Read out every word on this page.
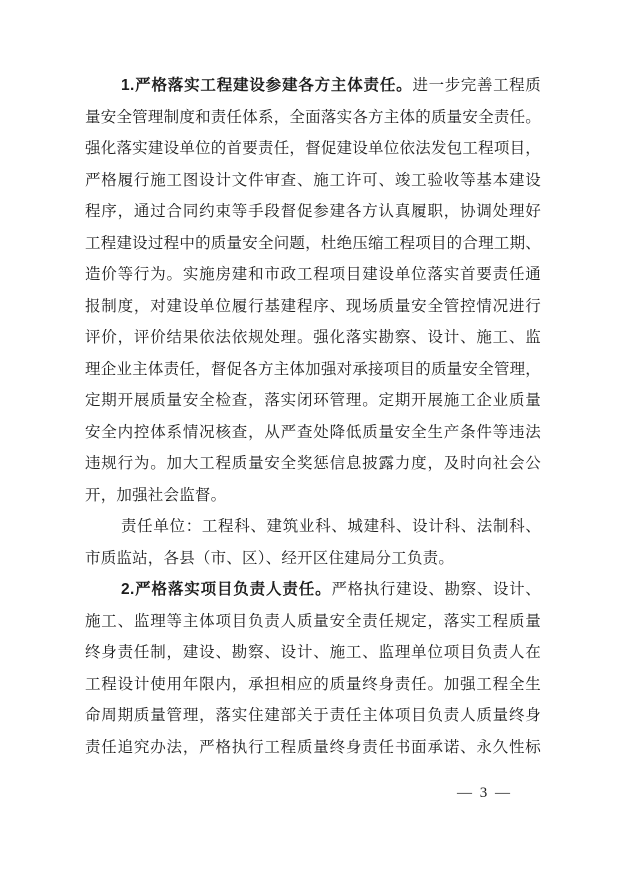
1.严格落实工程建设参建各方主体责任。进一步完善工程质
量安全管理制度和责任体系，全面落实各方主体的质量安全责任。
强化落实建设单位的首要责任，督促建设单位依法发包工程项目，
严格履行施工图设计文件审查、施工许可、竣工验收等基本建设
程序，通过合同约束等手段督促参建各方认真履职，协调处理好
工程建设过程中的质量安全问题，杜绝压缩工程项目的合理工期、
造价等行为。实施房建和市政工程项目建设单位落实首要责任通
报制度，对建设单位履行基建程序、现场质量安全管控情况进行
评价，评价结果依法依规处理。强化落实勘察、设计、施工、监
理企业主体责任，督促各方主体加强对承接项目的质量安全管理，
定期开展质量安全检查，落实闭环管理。定期开展施工企业质量
安全内控体系情况核查，从严查处降低质量安全生产条件等违法
违规行为。加大工程质量安全奖惩信息披露力度，及时向社会公
开，加强社会监督。
责任单位：工程科、建筑业科、城建科、设计科、法制科、
市质监站，各县（市、区）、经开区住建局分工负责。
2.严格落实项目负责人责任。严格执行建设、勘察、设计、
施工、监理等主体项目负责人质量安全责任规定，落实工程质量
终身责任制，建设、勘察、设计、施工、监理单位项目负责人在
工程设计使用年限内，承担相应的质量终身责任。加强工程全生
命周期质量管理，落实住建部关于责任主体项目负责人质量终身
责任追究办法，严格执行工程质量终身责任书面承诺、永久性标
— 3 —
